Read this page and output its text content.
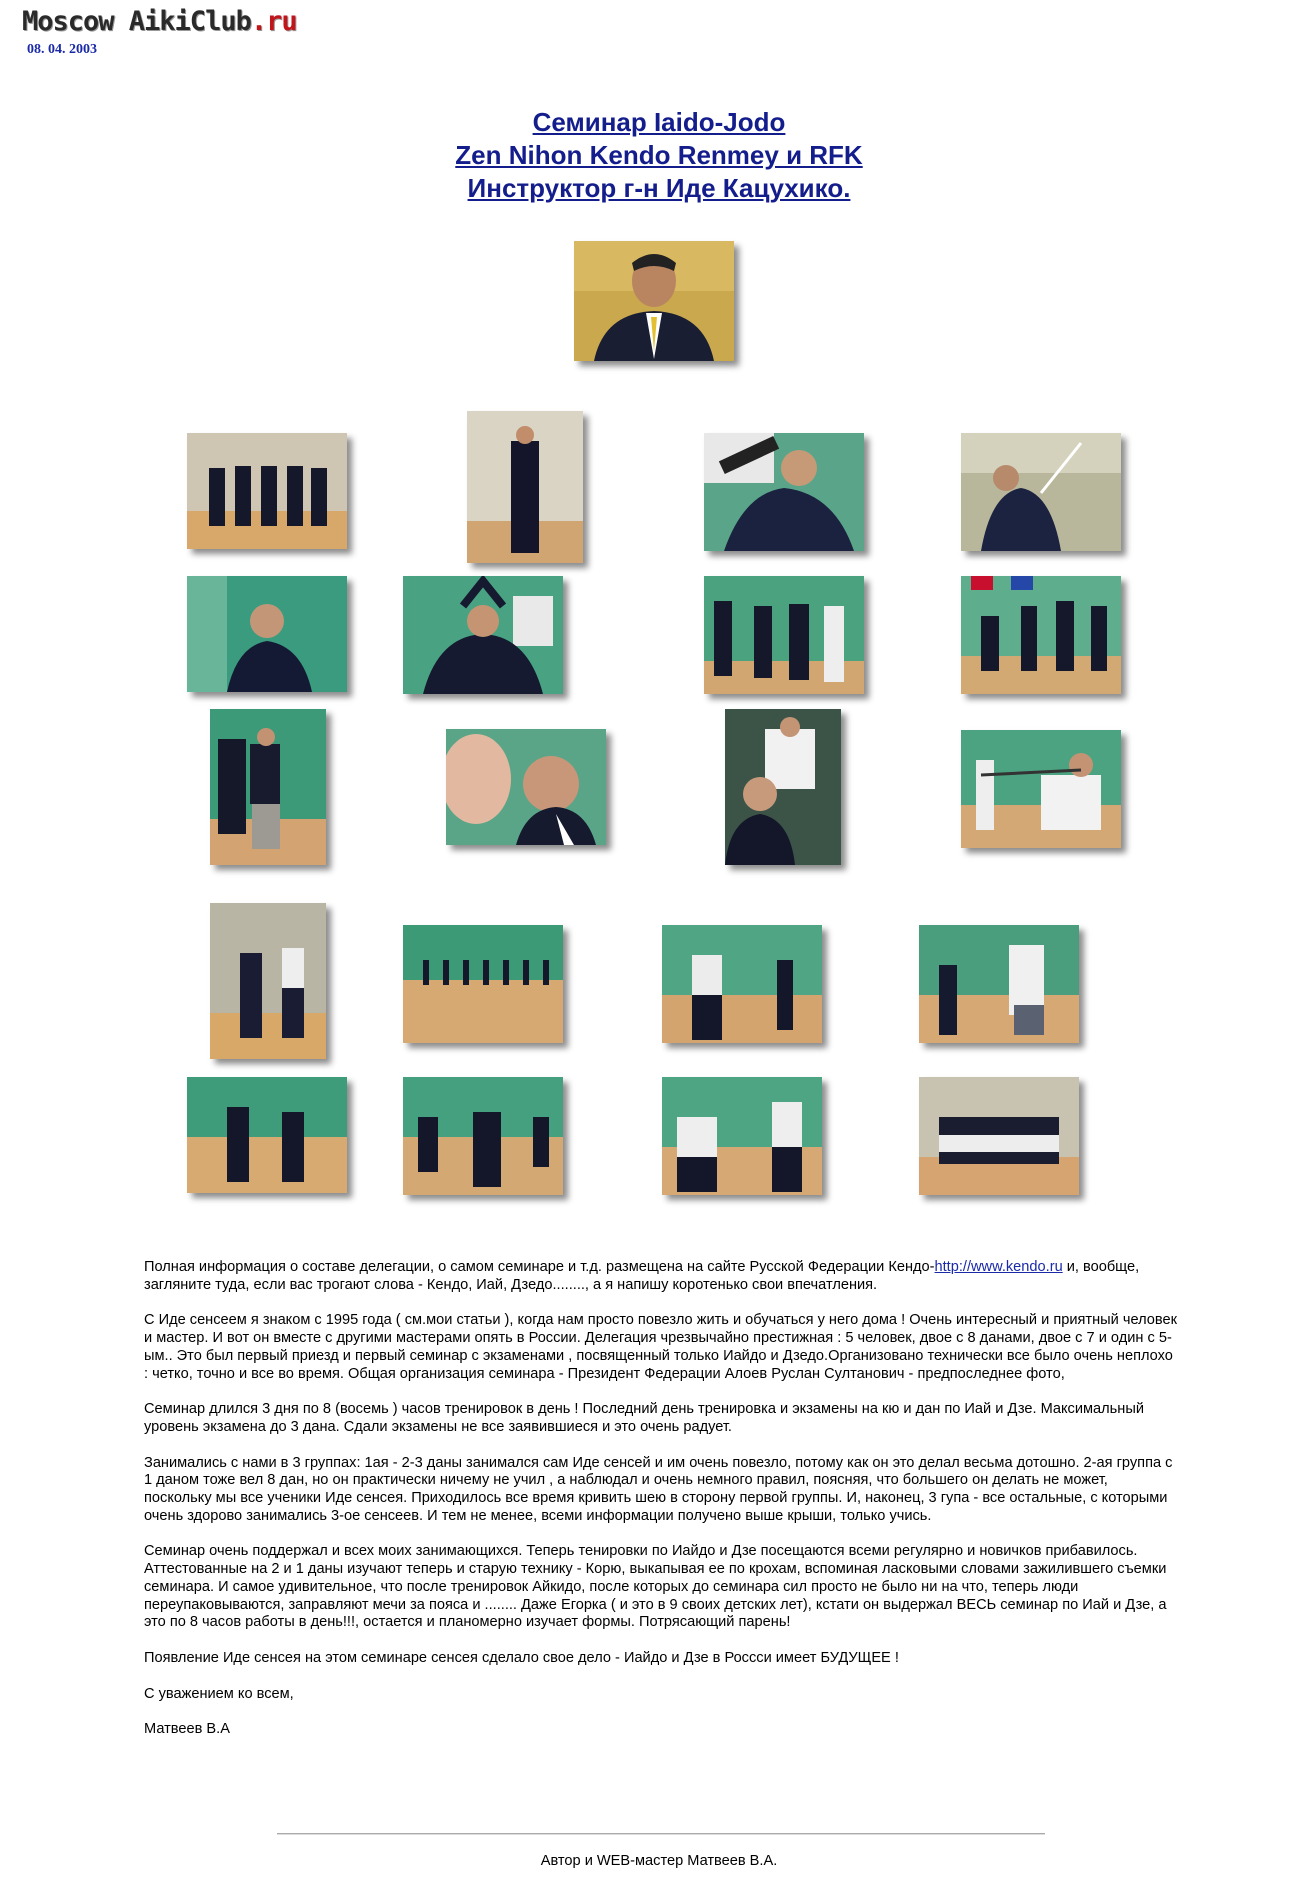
Moscow AikiClub.ru
08. 04. 2003
Семинар Iaido-Jodo
Zen Nihon Kendo Renmey и RFK
Инструктор г-н Иде Кацухико.

Полная информация о составе делегации, о самом семинаре и т.д. размещена на сайте Русской Федерации Кендо-http://www.kendo.ru и, вообще, загляните туда, если вас трогают слова - Кендо, Иай, Дзедо........, а я напишу коротенько свои впечатления.

С Иде сенсеем я знаком с 1995 года ( см.мои статьи ), когда нам просто повезло жить и обучаться у него дома ! Очень интересный и приятный человек и мастер. И вот он вместе с другими мастерами опять в России. Делегация чрезвычайно престижная : 5 человек, двое с 8 данами, двое с 7 и один с 5-ым.. Это был первый приезд и первый семинар с экзаменами , посвященный только Иайдо и Дзедо.Организовано технически все было очень неплохо : четко, точно и все во время. Общая организация семинара - Президент Федерации Алоев Руслан Султанович - предпоследнее фото,

Семинар длился 3 дня по 8 (восемь ) часов тренировок в день ! Последний день тренировка и экзамены на кю и дан по Иай и Дзе. Максимальный уровень экзамена до 3 дана. Сдали экзамены не все заявившиеся и это очень радует.

Занимались с нами в 3 группах: 1ая - 2-3 даны занимался сам Иде сенсей и им очень повезло, потому как он это делал весьма дотошно. 2-ая группа с 1 даном тоже вел 8 дан, но он практически ничему не учил , а наблюдал и очень немного правил, поясняя, что большего он делать не может, поскольку мы все ученики Иде сенсея. Приходилось все время кривить шею в сторону первой группы. И, наконец, 3 гупа - все остальные, с которыми очень здорово занимались 3-ое сенсеев. И тем не менее, всеми информации получено выше крыши, только учись.

Семинар очень поддержал и всех моих занимающихся. Теперь тенировки по Иайдо и Дзе посещаются всеми регулярно и новичков прибавилось. Аттестованные на 2 и 1 даны изучают теперь и старую технику - Корю, выкапывая ее по крохам, вспоминая ласковыми словами зажилившего съемки семинара. И самое удивительное, что после тренировок Айкидо, после которых до семинара сил просто не было ни на что, теперь люди переупаковываются, заправляют мечи за пояса и ........ Даже Егорка ( и это в 9 своих детских лет), кстати он выдержал ВЕСЬ семинар по Иай и Дзе, а это по 8 часов работы в день!!!, остается и планомерно изучает формы. Потрясающий парень!

Появление Иде сенсея на этом семинаре сенсея сделало свое дело - Иайдо и Дзе в Россси имеет БУДУЩЕЕ !

С уважением ко всем,

Матвеев В.А

Автор и WEB-мастер Матвеев В.А.
